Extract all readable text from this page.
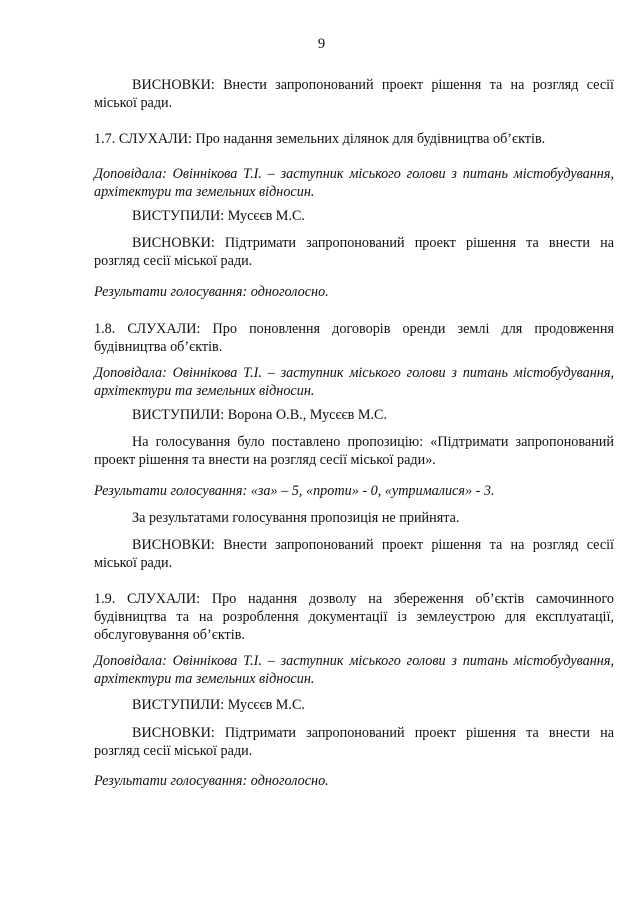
9

ВИСНОВКИ: Внести запропонований проект рішення та на розгляд сесії міської ради.

1.7. СЛУХАЛИ: Про надання земельних ділянок для будівництва об’єктів.

Доповідала: Овіннікова Т.І. – заступник міського голови з питань містобудування, архітектури та земельних відносин.

ВИСТУПИЛИ: Мусєєв М.С.

ВИСНОВКИ: Підтримати запропонований проект рішення та внести на розгляд сесії міської ради.

Результати голосування: одноголосно.

1.8. СЛУХАЛИ: Про поновлення договорів оренди землі для продовження будівництва об’єктів.

Доповідала: Овіннікова Т.І. – заступник міського голови з питань містобудування, архітектури та земельних відносин.

ВИСТУПИЛИ: Ворона О.В., Мусєєв М.С.

На голосування було поставлено пропозицію: «Підтримати запропонований проект рішення та внести на розгляд сесії міської ради».

Результати голосування: «за» – 5, «проти» - 0, «утрималися» - 3.

За результатами голосування пропозиція не прийнята.

ВИСНОВКИ: Внести запропонований проект рішення та на розгляд сесії міської ради.

1.9. СЛУХАЛИ: Про надання дозволу на збереження об’єктів самочинного будівництва та на розроблення документації із землеустрою для експлуатації, обслуговування об’єктів.

Доповідала: Овіннікова Т.І. – заступник міського голови з питань містобудування, архітектури та земельних відносин.

ВИСТУПИЛИ: Мусєєв М.С.

ВИСНОВКИ: Підтримати запропонований проект рішення та внести на розгляд сесії міської ради.

Результати голосування: одноголосно.
